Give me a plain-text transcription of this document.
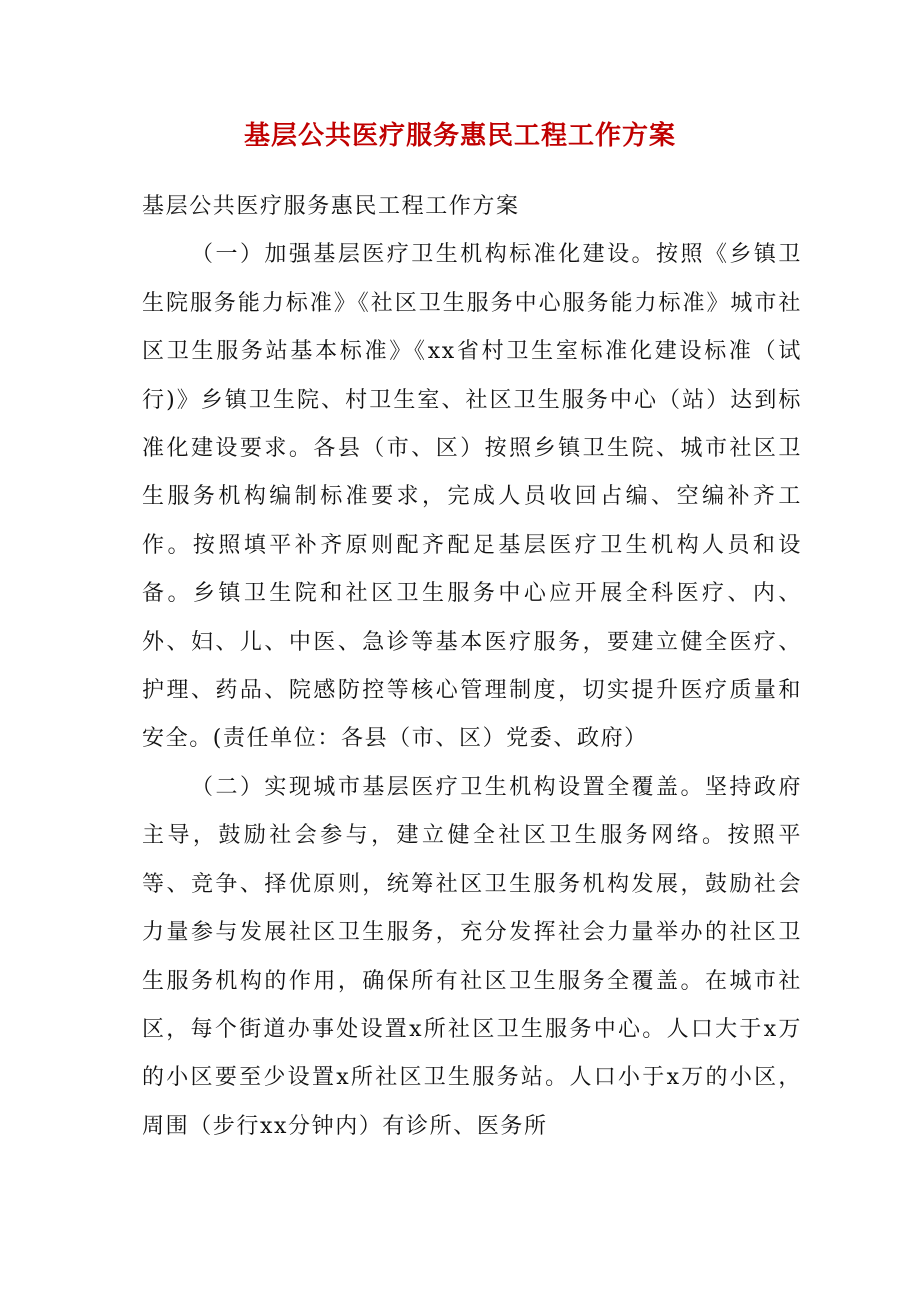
基层公共医疗服务惠民工程工作方案

基层公共医疗服务惠民工程工作方案

（一）加强基层医疗卫生机构标准化建设。按照《乡镇卫生院服务能力标准》《社区卫生服务中心服务能力标准》城市社区卫生服务站基本标准》《xx省村卫生室标准化建设标准（试行)》乡镇卫生院、村卫生室、社区卫生服务中心（站）达到标准化建设要求。各县（市、区）按照乡镇卫生院、城市社区卫生服务机构编制标准要求，完成人员收回占编、空编补齐工作。按照填平补齐原则配齐配足基层医疗卫生机构人员和设备。乡镇卫生院和社区卫生服务中心应开展全科医疗、内、外、妇、儿、中医、急诊等基本医疗服务，要建立健全医疗、护理、药品、院感防控等核心管理制度，切实提升医疗质量和安全。(责任单位：各县（市、区）党委、政府）

（二）实现城市基层医疗卫生机构设置全覆盖。坚持政府主导，鼓励社会参与，建立健全社区卫生服务网络。按照平等、竞争、择优原则，统筹社区卫生服务机构发展，鼓励社会力量参与发展社区卫生服务，充分发挥社会力量举办的社区卫生服务机构的作用，确保所有社区卫生服务全覆盖。在城市社区，每个街道办事处设置x所社区卫生服务中心。人口大于x万的小区要至少设置x所社区卫生服务站。人口小于x万的小区，周围（步行xx分钟内）有诊所、医务所
